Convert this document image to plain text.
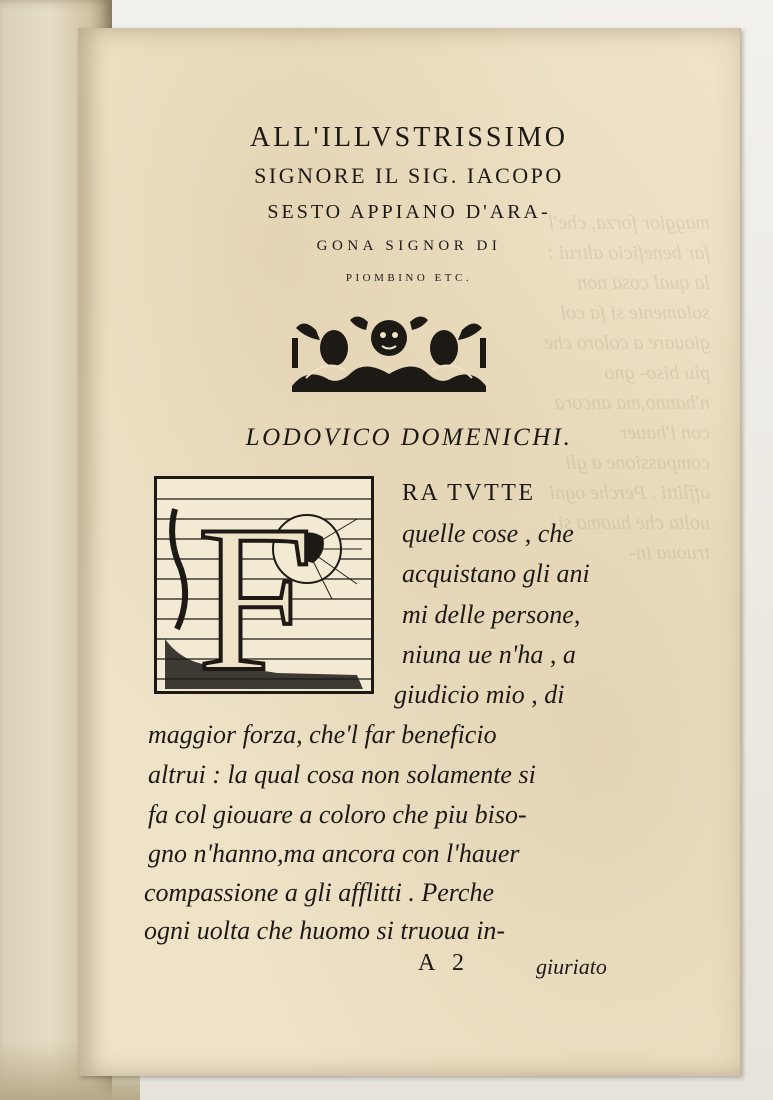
maggior forza, che'l far beneficio altrui : la qual cosa non solamente si fa col giouare a coloro che piu biso- gno n'hanno,ma ancora con l'hauer compassione a gli afflitti . Perche ogni uolta che huomo si truoua in-
ALL'ILLVSTRISSIMO
SIGNORE IL SIG. IACOPO
SESTO APPIANO D'ARA-
GONA SIGNOR DI
PIOMBINO ETC.

LODOVICO DOMENICHI.

F	RA TVTTE
quelle cose , che
acquistano gli ani
mi delle persone,
niuna ue n'ha , a
giudicio mio , di
maggior forza, che'l far beneficio
altrui : la qual cosa non solamente si
fa col giouare a coloro che piu biso-
gno n'hanno,ma ancora con l'hauer
compassione a gli afflitti . Perche
ogni uolta che huomo si truoua in-
A 2	giuriato
